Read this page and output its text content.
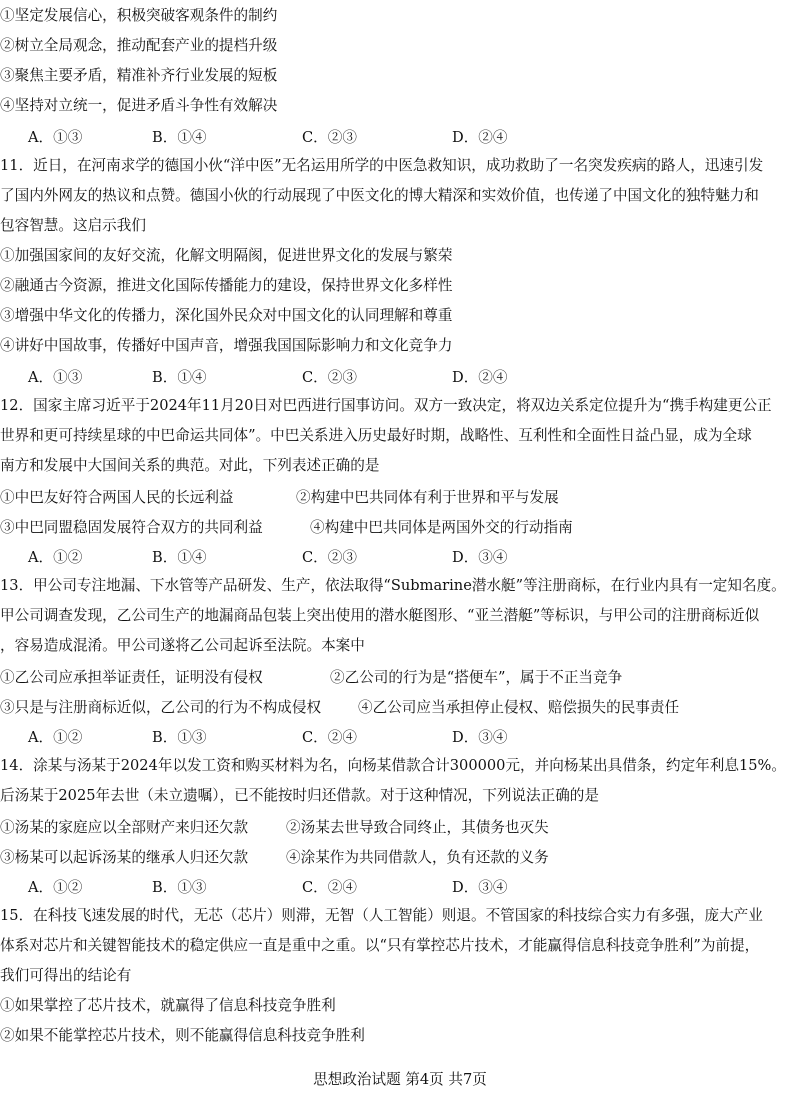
①坚定发展信心，积极突破客观条件的制约
②树立全局观念，推动配套产业的提档升级
③聚焦主要矛盾，精准补齐行业发展的短板
④坚持对立统一，促进矛盾斗争性有效解决
A．①③	B．①④	C．②③	D．②④
11．近日，在河南求学的德国小伙“洋中医”无名运用所学的中医急救知识，成功救助了一名突发疾病的路人，迅速引发
了国内外网友的热议和点赞。德国小伙的行动展现了中医文化的博大精深和实效价值，也传递了中国文化的独特魅力和
包容智慧。这启示我们
①加强国家间的友好交流，化解文明隔阂，促进世界文化的发展与繁荣
②融通古今资源，推进文化国际传播能力的建设，保持世界文化多样性
③增强中华文化的传播力，深化国外民众对中国文化的认同理解和尊重
④讲好中国故事，传播好中国声音，增强我国国际影响力和文化竞争力
A．①③	B．①④	C．②③	D．②④
12．国家主席习近平于2024年11月20日对巴西进行国事访问。双方一致决定，将双边关系定位提升为“携手构建更公正
世界和更可持续星球的中巴命运共同体”。中巴关系进入历史最好时期，战略性、互利性和全面性日益凸显，成为全球
南方和发展中大国间关系的典范。对此，下列表述正确的是
①中巴友好符合两国人民的长远利益	②构建中巴共同体有利于世界和平与发展
③中巴同盟稳固发展符合双方的共同利益	④构建中巴共同体是两国外交的行动指南
A．①②	B．①④	C．②③	D．③④
13．甲公司专注地漏、下水管等产品研发、生产，依法取得“Submarine潜水艇”等注册商标，在行业内具有一定知名度。
甲公司调查发现，乙公司生产的地漏商品包装上突出使用的潜水艇图形、“亚兰潜艇”等标识，与甲公司的注册商标近似
，容易造成混淆。甲公司遂将乙公司起诉至法院。本案中
①乙公司应承担举证责任，证明没有侵权	②乙公司的行为是“搭便车”，属于不正当竞争
③只是与注册商标近似，乙公司的行为不构成侵权	④乙公司应当承担停止侵权、赔偿损失的民事责任
A．①②	B．①③	C．②④	D．③④
14．涂某与汤某于2024年以发工资和购买材料为名，向杨某借款合计300000元，并向杨某出具借条，约定年利息15%。
后汤某于2025年去世（未立遗嘱），已不能按时归还借款。对于这种情况，下列说法正确的是
①汤某的家庭应以全部财产来归还欠款	②汤某去世导致合同终止，其债务也灭失
③杨某可以起诉汤某的继承人归还欠款	④涂某作为共同借款人，负有还款的义务
A．①②	B．①③	C．②④	D．③④
15．在科技飞速发展的时代，无芯（芯片）则滞，无智（人工智能）则退。不管国家的科技综合实力有多强，庞大产业
体系对芯片和关键智能技术的稳定供应一直是重中之重。以“只有掌控芯片技术，才能赢得信息科技竞争胜利”为前提，
我们可得出的结论有
①如果掌控了芯片技术，就赢得了信息科技竞争胜利
②如果不能掌控芯片技术，则不能赢得信息科技竞争胜利
思想政治试题 第4页 共7页
